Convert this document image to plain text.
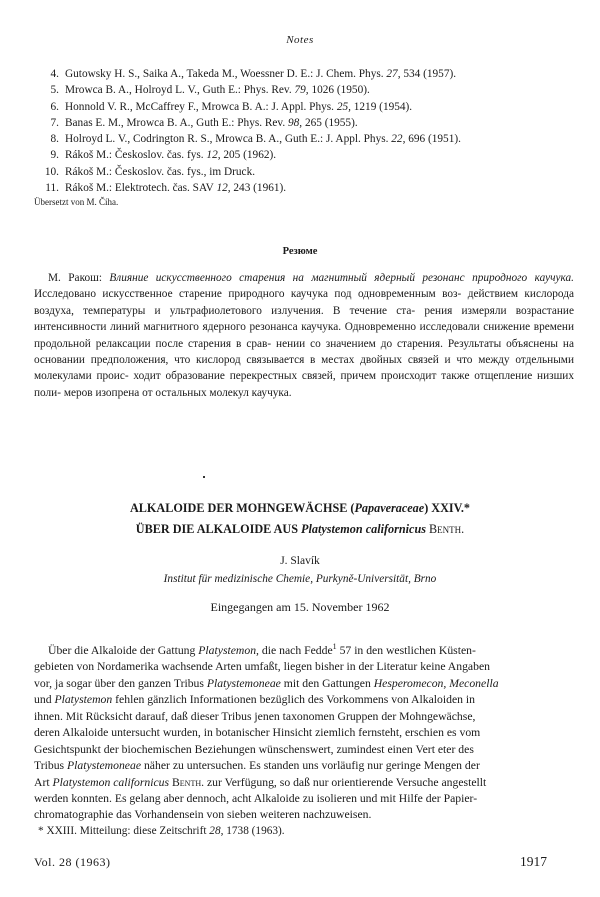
Notes
4. Gutowsky H. S., Saika A., Takeda M., Woessner D. E.: J. Chem. Phys. 27, 534 (1957).
5. Mrowca B. A., Holroyd L. V., Guth E.: Phys. Rev. 79, 1026 (1950).
6. Honnold V. R., McCaffrey F., Mrowca B. A.: J. Appl. Phys. 25, 1219 (1954).
7. Banas E. M., Mrowca B. A., Guth E.: Phys. Rev. 98, 265 (1955).
8. Holroyd L. V., Codrington R. S., Mrowca B. A., Guth E.: J. Appl. Phys. 22, 696 (1951).
9. Rákoš M.: Českoslov. čas. fys. 12, 205 (1962).
10. Rákoš M.: Českoslov. čas. fys., im Druck.
11. Rákoš M.: Elektrotech. čas. SAV 12, 243 (1961).
Übersetzt von M. Číha.
Резюме

М. Ракош: Влияние искусственного старения на магнитный ядерный резонанс природного каучука. Исследовано искусственное старение природного каучука под одновременным воз- действием кислорода воздуха, температуры и ультрафиолетового излучения. В течение ста- рения измеряли возрастание интенсивности линий магнитного ядерного резонанса каучука. Одновременно исследовали снижение времени продольной релаксации после старения в срав- нении со значением до старения. Результаты объяснены на основании предположения, что кислород связывается в местах двойных связей и что между отдельными молекулами проис- ходит образование перекрестных связей, причем происходит также отщепление низших поли- меров изопрена от остальных молекул каучука.

ALKALOIDE DER MOHNGEWÄCHSE (Papaveraceae) XXIV.*
ÜBER DIE ALKALOIDE AUS Platystemon californicus Benth.
J. Slavík
Institut für medizinische Chemie, Purkyně-Universität, Brno
Eingegangen am 15. November 1962

Über die Alkaloide der Gattung Platystemon, die nach Fedde$^1$ 57 in den westlichen Küsten-
gebieten von Nordamerika wachsende Arten umfaßt, liegen bisher in der Literatur keine Angaben
vor, ja sogar über den ganzen Tribus Platystemoneae mit den Gattungen Hesperomecon, Meconella
und Platystemon fehlen gänzlich Informationen bezüglich des Vorkommens von Alkaloiden in
ihnen. Mit Rücksicht darauf, daß dieser Tribus jenen taxonomen Gruppen der Mohngewächse,
deren Alkaloide untersucht wurden, in botanischer Hinsicht ziemlich fernsteht, erschien es vom
Gesichtspunkt der biochemischen Beziehungen wünschenswert, zumindest einen Vert eter des
Tribus Platystemoneae näher zu untersuchen. Es standen uns vorläufig nur geringe Mengen der
Art Platystemon californicus Benth. zur Verfügung, so daß nur orientierende Versuche angestellt
werden konnten. Es gelang aber dennoch, acht Alkaloide zu isolieren und mit Hilfe der Papier-
chromatographie das Vorhandensein von sieben weiteren nachzuweisen.

* XXIII. Mitteilung: diese Zeitschrift 28, 1738 (1963).
Vol. 28 (1963)	1917
